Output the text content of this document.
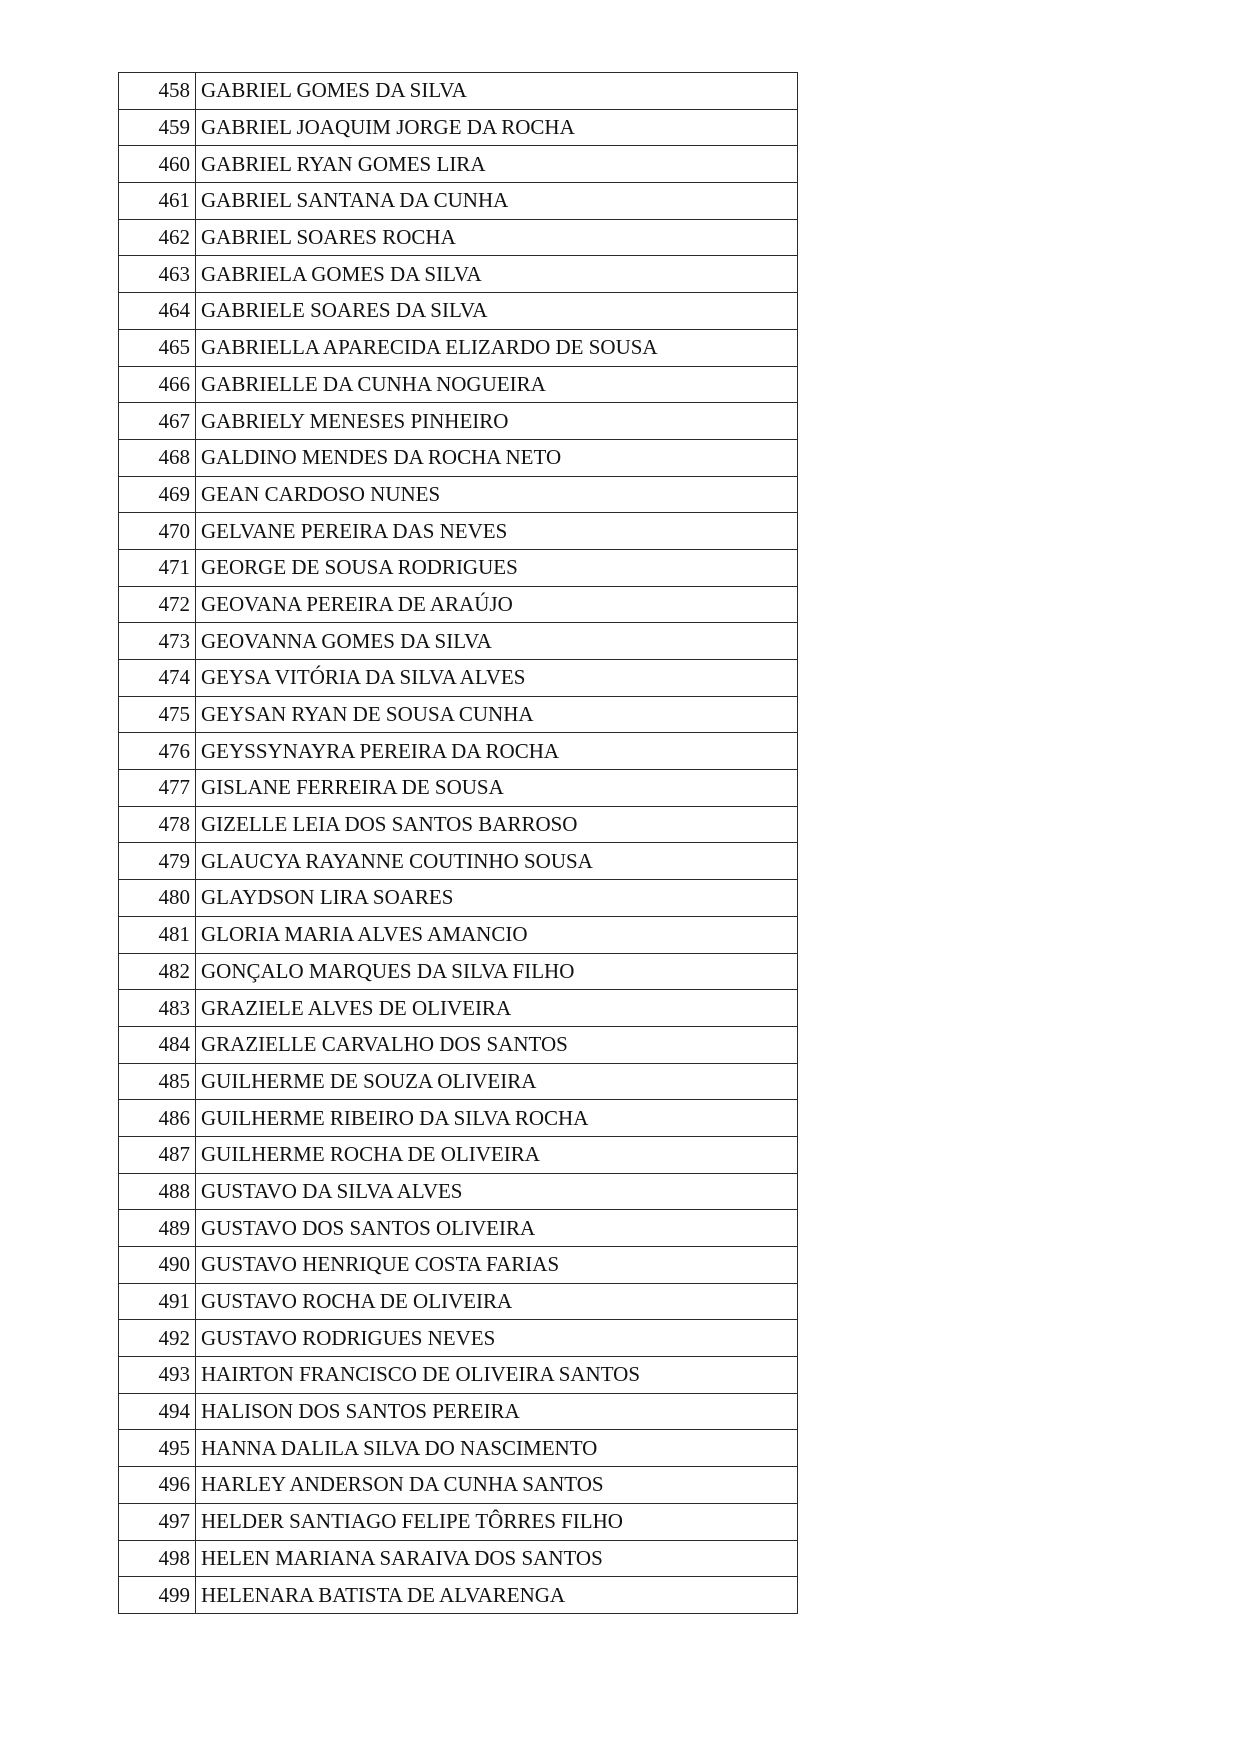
458	GABRIEL GOMES DA SILVA
459	GABRIEL JOAQUIM JORGE DA ROCHA
460	GABRIEL RYAN GOMES LIRA
461	GABRIEL SANTANA DA CUNHA
462	GABRIEL SOARES ROCHA
463	GABRIELA GOMES DA SILVA
464	GABRIELE SOARES DA SILVA
465	GABRIELLA APARECIDA ELIZARDO DE SOUSA
466	GABRIELLE DA CUNHA NOGUEIRA
467	GABRIELY MENESES PINHEIRO
468	GALDINO MENDES DA ROCHA NETO
469	GEAN CARDOSO NUNES
470	GELVANE PEREIRA DAS NEVES
471	GEORGE DE SOUSA RODRIGUES
472	GEOVANA PEREIRA DE ARAÚJO
473	GEOVANNA GOMES DA SILVA
474	GEYSA VITÓRIA DA SILVA ALVES
475	GEYSAN RYAN DE SOUSA CUNHA
476	GEYSSYNAYRA PEREIRA DA ROCHA
477	GISLANE FERREIRA DE SOUSA
478	GIZELLE LEIA DOS SANTOS BARROSO
479	GLAUCYA RAYANNE COUTINHO SOUSA
480	GLAYDSON LIRA SOARES
481	GLORIA MARIA ALVES AMANCIO
482	GONÇALO MARQUES DA SILVA FILHO
483	GRAZIELE ALVES DE OLIVEIRA
484	GRAZIELLE CARVALHO DOS SANTOS
485	GUILHERME DE SOUZA OLIVEIRA
486	GUILHERME RIBEIRO DA SILVA ROCHA
487	GUILHERME ROCHA DE OLIVEIRA
488	GUSTAVO DA SILVA ALVES
489	GUSTAVO DOS SANTOS OLIVEIRA
490	GUSTAVO HENRIQUE COSTA FARIAS
491	GUSTAVO ROCHA DE OLIVEIRA
492	GUSTAVO RODRIGUES NEVES
493	HAIRTON FRANCISCO DE OLIVEIRA SANTOS
494	HALISON DOS SANTOS PEREIRA
495	HANNA DALILA SILVA DO NASCIMENTO
496	HARLEY ANDERSON DA CUNHA SANTOS
497	HELDER SANTIAGO FELIPE TÔRRES FILHO
498	HELEN MARIANA SARAIVA DOS SANTOS
499	HELENARA BATISTA DE ALVARENGA
